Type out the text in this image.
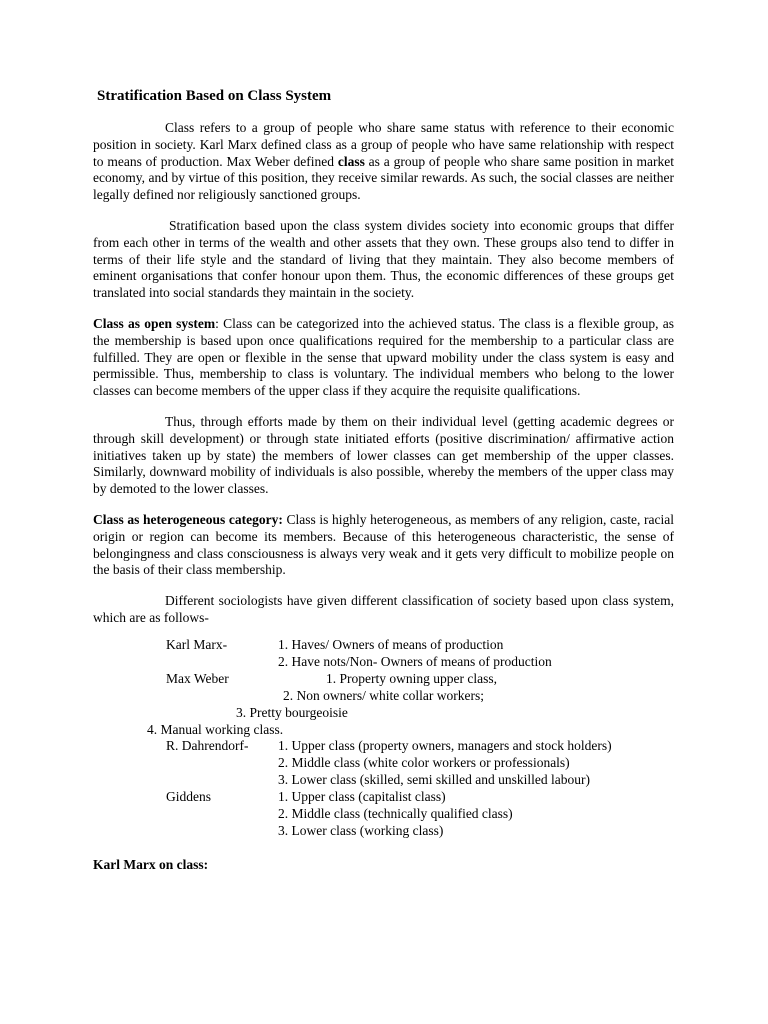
Stratification Based on Class System

Class refers to a group of people who share same status with reference to their economic position in society. Karl Marx defined class as a group of people who have same relationship with respect to means of production. Max Weber defined class as a group of people who share same position in market economy, and by virtue of this position, they receive similar rewards. As such, the social classes are neither legally defined nor religiously sanctioned groups.

Stratification based upon the class system divides society into economic groups that differ from each other in terms of the wealth and other assets that they own. These groups also tend to differ in terms of their life style and the standard of living that they maintain. They also become members of eminent organisations that confer honour upon them. Thus, the economic differences of these groups get translated into social standards they maintain in the society.

Class as open system: Class can be categorized into the achieved status. The class is a flexible group, as the membership is based upon once qualifications required for the membership to a particular class are fulfilled. They are open or flexible in the sense that upward mobility under the class system is easy and permissible. Thus, membership to class is voluntary. The individual members who belong to the lower classes can become members of the upper class if they acquire the requisite qualifications.

Thus, through efforts made by them on their individual level (getting academic degrees or through skill development) or through state initiated efforts (positive discrimination/ affirmative action initiatives taken up by state) the members of lower classes can get membership of the upper classes. Similarly, downward mobility of individuals is also possible, whereby the members of the upper class may by demoted to the lower classes.

Class as heterogeneous category: Class is highly heterogeneous, as members of any religion, caste, racial origin or region can become its members. Because of this heterogeneous characteristic, the sense of belongingness and class consciousness is always very weak and it gets very difficult to mobilize people on the basis of their class membership.

Different sociologists have given different classification of society based upon class system, which are as follows-

Karl Marx-	1. Haves/ Owners of means of production
2. Have nots/Non- Owners of means of production
Max Weber	1. Property owning upper class,
2. Non owners/ white collar workers;
3. Pretty bourgeoisie
4. Manual working class.
R. Dahrendorf- 1. Upper class (property owners, managers and stock holders)
2. Middle class (white color workers or professionals)
3. Lower class (skilled, semi skilled and unskilled labour)
Giddens	1. Upper class (capitalist class)
2. Middle class (technically qualified class)
3. Lower class (working class)
Karl Marx on class:
